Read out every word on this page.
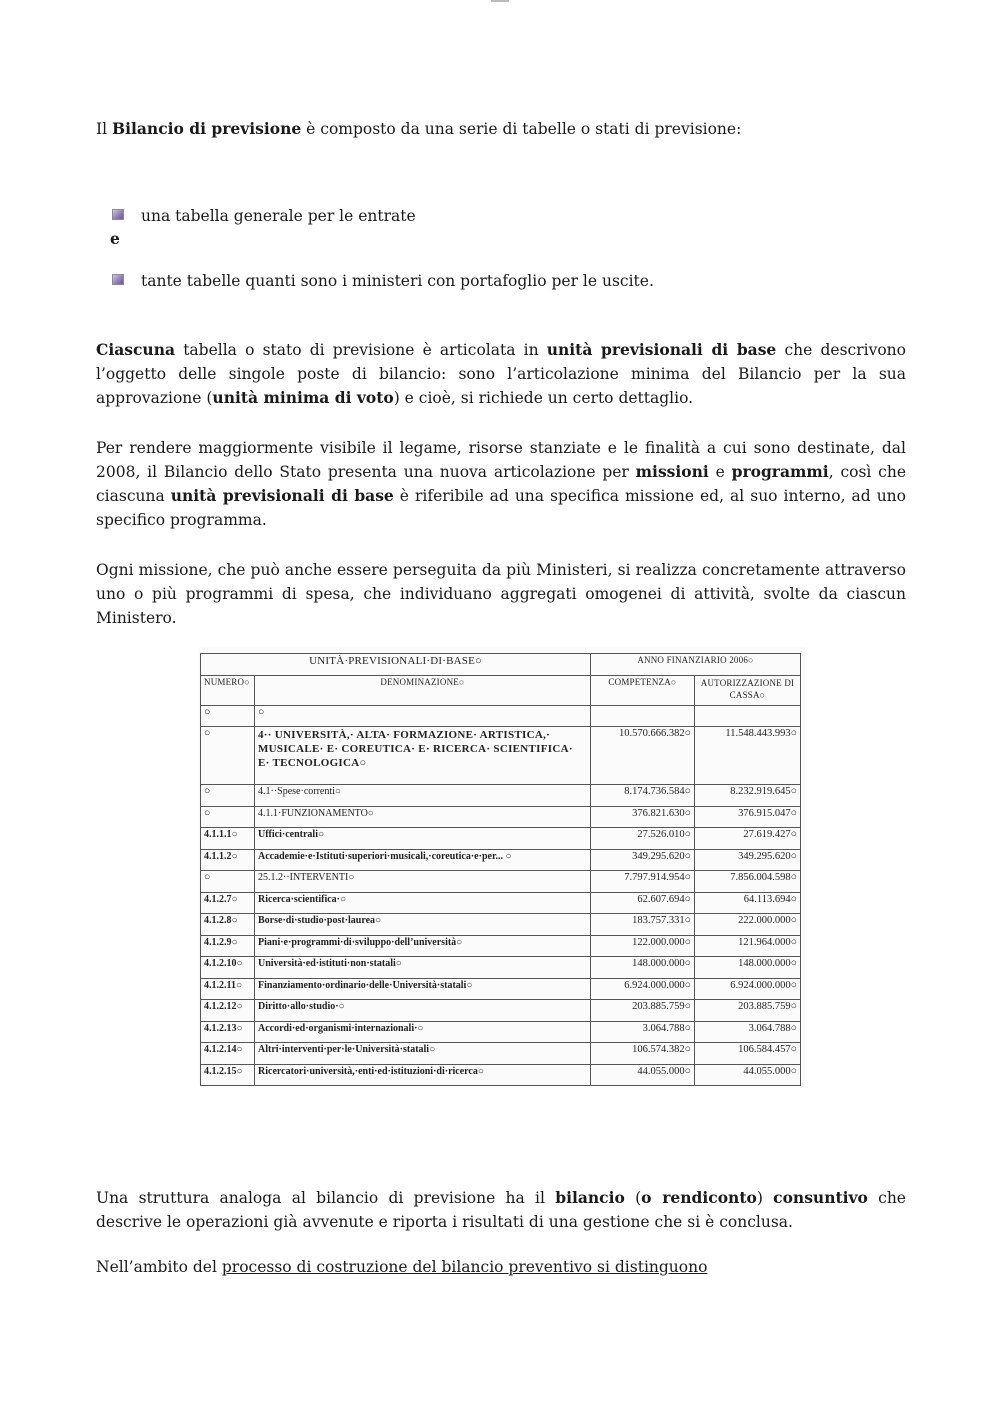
Il Bilancio di previsione è composto da una serie di tabelle o stati di previsione:

una tabella generale per le entrate
e
tante tabelle quanti sono i ministeri con portafoglio per le uscite.

Ciascuna tabella o stato di previsione è articolata in unità previsionali di base che descrivono l’oggetto delle singole poste di bilancio: sono l’articolazione minima del Bilancio per la sua approvazione (unità minima di voto) e cioè, si richiede un certo dettaglio.

Per rendere maggiormente visibile il legame, risorse stanziate e le finalità a cui sono destinate, dal 2008, il Bilancio dello Stato presenta una nuova articolazione per missioni e programmi, così che ciascuna unità previsionali di base è riferibile ad una specifica missione ed, al suo interno, ad uno specifico programma.

Ogni missione, che può anche essere perseguita da più Ministeri, si realizza concretamente attraverso uno o più programmi di spesa, che individuano aggregati omogenei di attività, svolte da ciascun Ministero.

UNITÀ·PREVISIONALI·DI·BASE○		ANNO FINANZIARIO 2006○	
NUMERO○	DENOMINAZIONE○	COMPETENZA○	AUTORIZZAZIONE DI CASSA○
○	○		
○	4·· UNIVERSITÀ,· ALTA· FORMAZIONE· ARTISTICA,· MUSICALE· E· COREUTICA· E· RICERCA· SCIENTIFICA· E· TECNOLOGICA○	10.570.666.382○	11.548.443.993○
○	4.1··Spese·correnti○	8.174.736.584○	8.232.919.645○
○	4.1.1·FUNZIONAMENTO○	376.821.630○	376.915.047○
4.1.1.1○	Uffici·centrali○	27.526.010○	27.619.427○
4.1.1.2○	Accademie·e·Istituti·superiori·musicali,·coreutica·e·per... ○	349.295.620○	349.295.620○
○	25.1.2··INTERVENTI○	7.797.914.954○	7.856.004.598○
4.1.2.7○	Ricerca·scientifica·○	62.607.694○	64.113.694○
4.1.2.8○	Borse·di·studio·post·laurea○	183.757.331○	222.000.000○
4.1.2.9○	Piani·e·programmi·di·sviluppo·dell’università○	122.000.000○	121.964.000○
4.1.2.10○	Università·ed·istituti·non·statali○	148.000.000○	148.000.000○
4.1.2.11○	Finanziamento·ordinario·delle·Università·statali○	6.924.000.000○	6.924.000.000○
4.1.2.12○	Diritto·allo·studio·○	203.885.759○	203.885.759○
4.1.2.13○	Accordi·ed·organismi·internazionali·○	3.064.788○	3.064.788○
4.1.2.14○	Altri·interventi·per·le·Università·statali○	106.574.382○	106.584.457○
4.1.2.15○	Ricercatori·università,·enti·ed·istituzioni·di·ricerca○	44.055.000○	44.055.000○

Una struttura analoga al bilancio di previsione ha il bilancio (o rendiconto) consuntivo che descrive le operazioni già avvenute e riporta i risultati di una gestione che si è conclusa.

Nell’ambito del processo di costruzione del bilancio preventivo si distinguono
